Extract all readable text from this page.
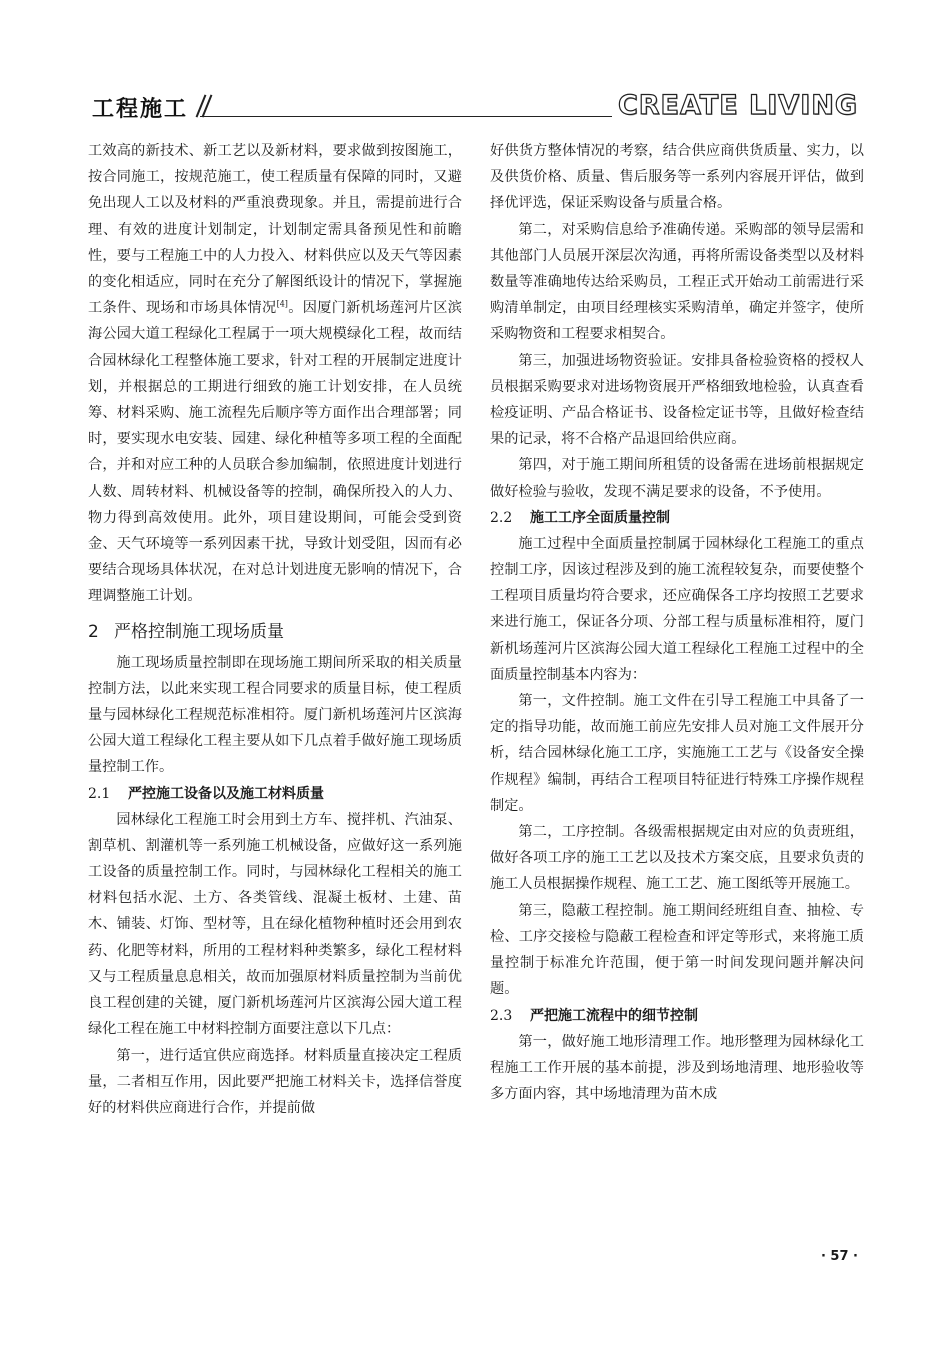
工程施工	CREATE LIVING

工效高的新技术、新工艺以及新材料，要求做到按图施工，按合同施工，按规范施工，使工程质量有保障的同时，又避免出现人工以及材料的严重浪费现象。并且，需提前进行合理、有效的进度计划制定，计划制定需具备预见性和前瞻性，要与工程施工中的人力投入、材料供应以及天气等因素的变化相适应，同时在充分了解图纸设计的情况下，掌握施工条件、现场和市场具体情况[4]。因厦门新机场莲河片区滨海公园大道工程绿化工程属于一项大规模绿化工程，故而结合园林绿化工程整体施工要求，针对工程的开展制定进度计划，并根据总的工期进行细致的施工计划安排，在人员统筹、材料采购、施工流程先后顺序等方面作出合理部署；同时，要实现水电安装、园建、绿化种植等多项工程的全面配合，并和对应工种的人员联合参加编制，依照进度计划进行人数、周转材料、机械设备等的控制，确保所投入的人力、物力得到高效使用。此外，项目建设期间，可能会受到资金、天气环境等一系列因素干扰，导致计划受阻，因而有必要结合现场具体状况，在对总计划进度无影响的情况下，合理调整施工计划。

2 严格控制施工现场质量

施工现场质量控制即在现场施工期间所采取的相关质量控制方法，以此来实现工程合同要求的质量目标，使工程质量与园林绿化工程规范标准相符。厦门新机场莲河片区滨海公园大道工程绿化工程主要从如下几点着手做好施工现场质量控制工作。

2.1 严控施工设备以及施工材料质量

园林绿化工程施工时会用到土方车、搅拌机、汽油泵、割草机、割灌机等一系列施工机械设备，应做好这一系列施工设备的质量控制工作。同时，与园林绿化工程相关的施工材料包括水泥、土方、各类管线、混凝土板材、土建、苗木、铺装、灯饰、型材等，且在绿化植物种植时还会用到农药、化肥等材料，所用的工程材料种类繁多，绿化工程材料又与工程质量息息相关，故而加强原材料质量控制为当前优良工程创建的关键，厦门新机场莲河片区滨海公园大道工程绿化工程在施工中材料控制方面要注意以下几点：

第一，进行适宜供应商选择。材料质量直接决定工程质量，二者相互作用，因此要严把施工材料关卡，选择信誉度好的材料供应商进行合作，并提前做

好供货方整体情况的考察，结合供应商供货质量、实力，以及供货价格、质量、售后服务等一系列内容展开评估，做到择优评选，保证采购设备与质量合格。

第二，对采购信息给予准确传递。采购部的领导层需和其他部门人员展开深层次沟通，再将所需设备类型以及材料数量等准确地传达给采购员，工程正式开始动工前需进行采购清单制定，由项目经理核实采购清单，确定并签字，使所采购物资和工程要求相契合。

第三，加强进场物资验证。安排具备检验资格的授权人员根据采购要求对进场物资展开严格细致地检验，认真查看检疫证明、产品合格证书、设备检定证书等，且做好检查结果的记录，将不合格产品退回给供应商。

第四，对于施工期间所租赁的设备需在进场前根据规定做好检验与验收，发现不满足要求的设备，不予使用。

2.2 施工工序全面质量控制

施工过程中全面质量控制属于园林绿化工程施工的重点控制工序，因该过程涉及到的施工流程较复杂，而要使整个工程项目质量均符合要求，还应确保各工序均按照工艺要求来进行施工，保证各分项、分部工程与质量标准相符，厦门新机场莲河片区滨海公园大道工程绿化工程施工过程中的全面质量控制基本内容为：

第一，文件控制。施工文件在引导工程施工中具备了一定的指导功能，故而施工前应先安排人员对施工文件展开分析，结合园林绿化施工工序，实施施工工艺与《设备安全操作规程》编制，再结合工程项目特征进行特殊工序操作规程制定。

第二，工序控制。各级需根据规定由对应的负责班组，做好各项工序的施工工艺以及技术方案交底，且要求负责的施工人员根据操作规程、施工工艺、施工图纸等开展施工。

第三，隐蔽工程控制。施工期间经班组自查、抽检、专检、工序交接检与隐蔽工程检查和评定等形式，来将施工质量控制于标准允许范围，便于第一时间发现问题并解决问题。

2.3 严把施工流程中的细节控制

第一，做好施工地形清理工作。地形整理为园林绿化工程施工工作开展的基本前提，涉及到场地清理、地形验收等多方面内容，其中场地清理为苗木成

· 57 ·
